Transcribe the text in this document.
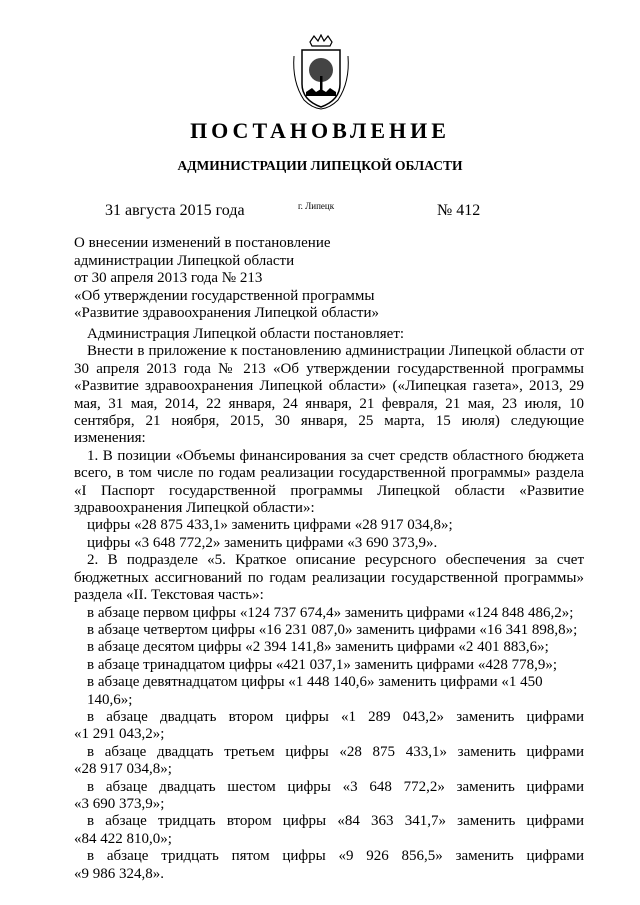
ПОСТАНОВЛЕНИЕ
АДМИНИСТРАЦИИ ЛИПЕЦКОЙ ОБЛАСТИ
31 августа 2015 года	г. Липецк	№ 412
О внесении изменений в постановление
администрации Липецкой области
от 30 апреля 2013 года № 213
«Об утверждении государственной программы
«Развитие здравоохранения Липецкой области»
Администрация Липецкой области постановляет:
Внести в приложение к постановлению администрации Липецкой области от 30 апреля 2013 года № 213 «Об утверждении государственной программы «Развитие здравоохранения Липецкой области» («Липецкая газета», 2013, 29 мая, 31 мая, 2014, 22 января, 24 января, 21 февраля, 21 мая, 23 июля, 10 сентября, 21 ноября, 2015, 30 января, 25 марта, 15 июля) следующие изменения:
1. В позиции «Объемы финансирования за счет средств областного бюджета всего, в том числе по годам реализации государственной программы» раздела «I Паспорт государственной программы Липецкой области «Развитие здравоохранения Липецкой области»:
цифры «28 875 433,1» заменить цифрами «28 917 034,8»;
цифры «3 648 772,2» заменить цифрами «3 690 373,9».
2. В подразделе «5. Краткое описание ресурсного обеспечения за счет бюджетных ассигнований по годам реализации государственной программы» раздела «II. Текстовая часть»:
в абзаце первом цифры «124 737 674,4» заменить цифрами «124 848 486,2»;
в абзаце четвертом цифры «16 231 087,0» заменить цифрами «16 341 898,8»;
в абзаце десятом цифры «2 394 141,8» заменить цифрами «2 401 883,6»;
в абзаце тринадцатом цифры «421 037,1» заменить цифрами «428 778,9»;
в абзаце девятнадцатом цифры «1 448 140,6» заменить цифрами «1 450 140,6»;
в абзаце двадцать втором цифры «1 289 043,2» заменить цифрами
«1 291 043,2»;
в абзаце двадцать третьем цифры «28 875 433,1» заменить цифрами
«28 917 034,8»;
в абзаце двадцать шестом цифры «3 648 772,2» заменить цифрами
«3 690 373,9»;
в абзаце тридцать втором цифры «84 363 341,7» заменить цифрами
«84 422 810,0»;
в абзаце тридцать пятом цифры «9 926 856,5» заменить цифрами
«9 986 324,8».
